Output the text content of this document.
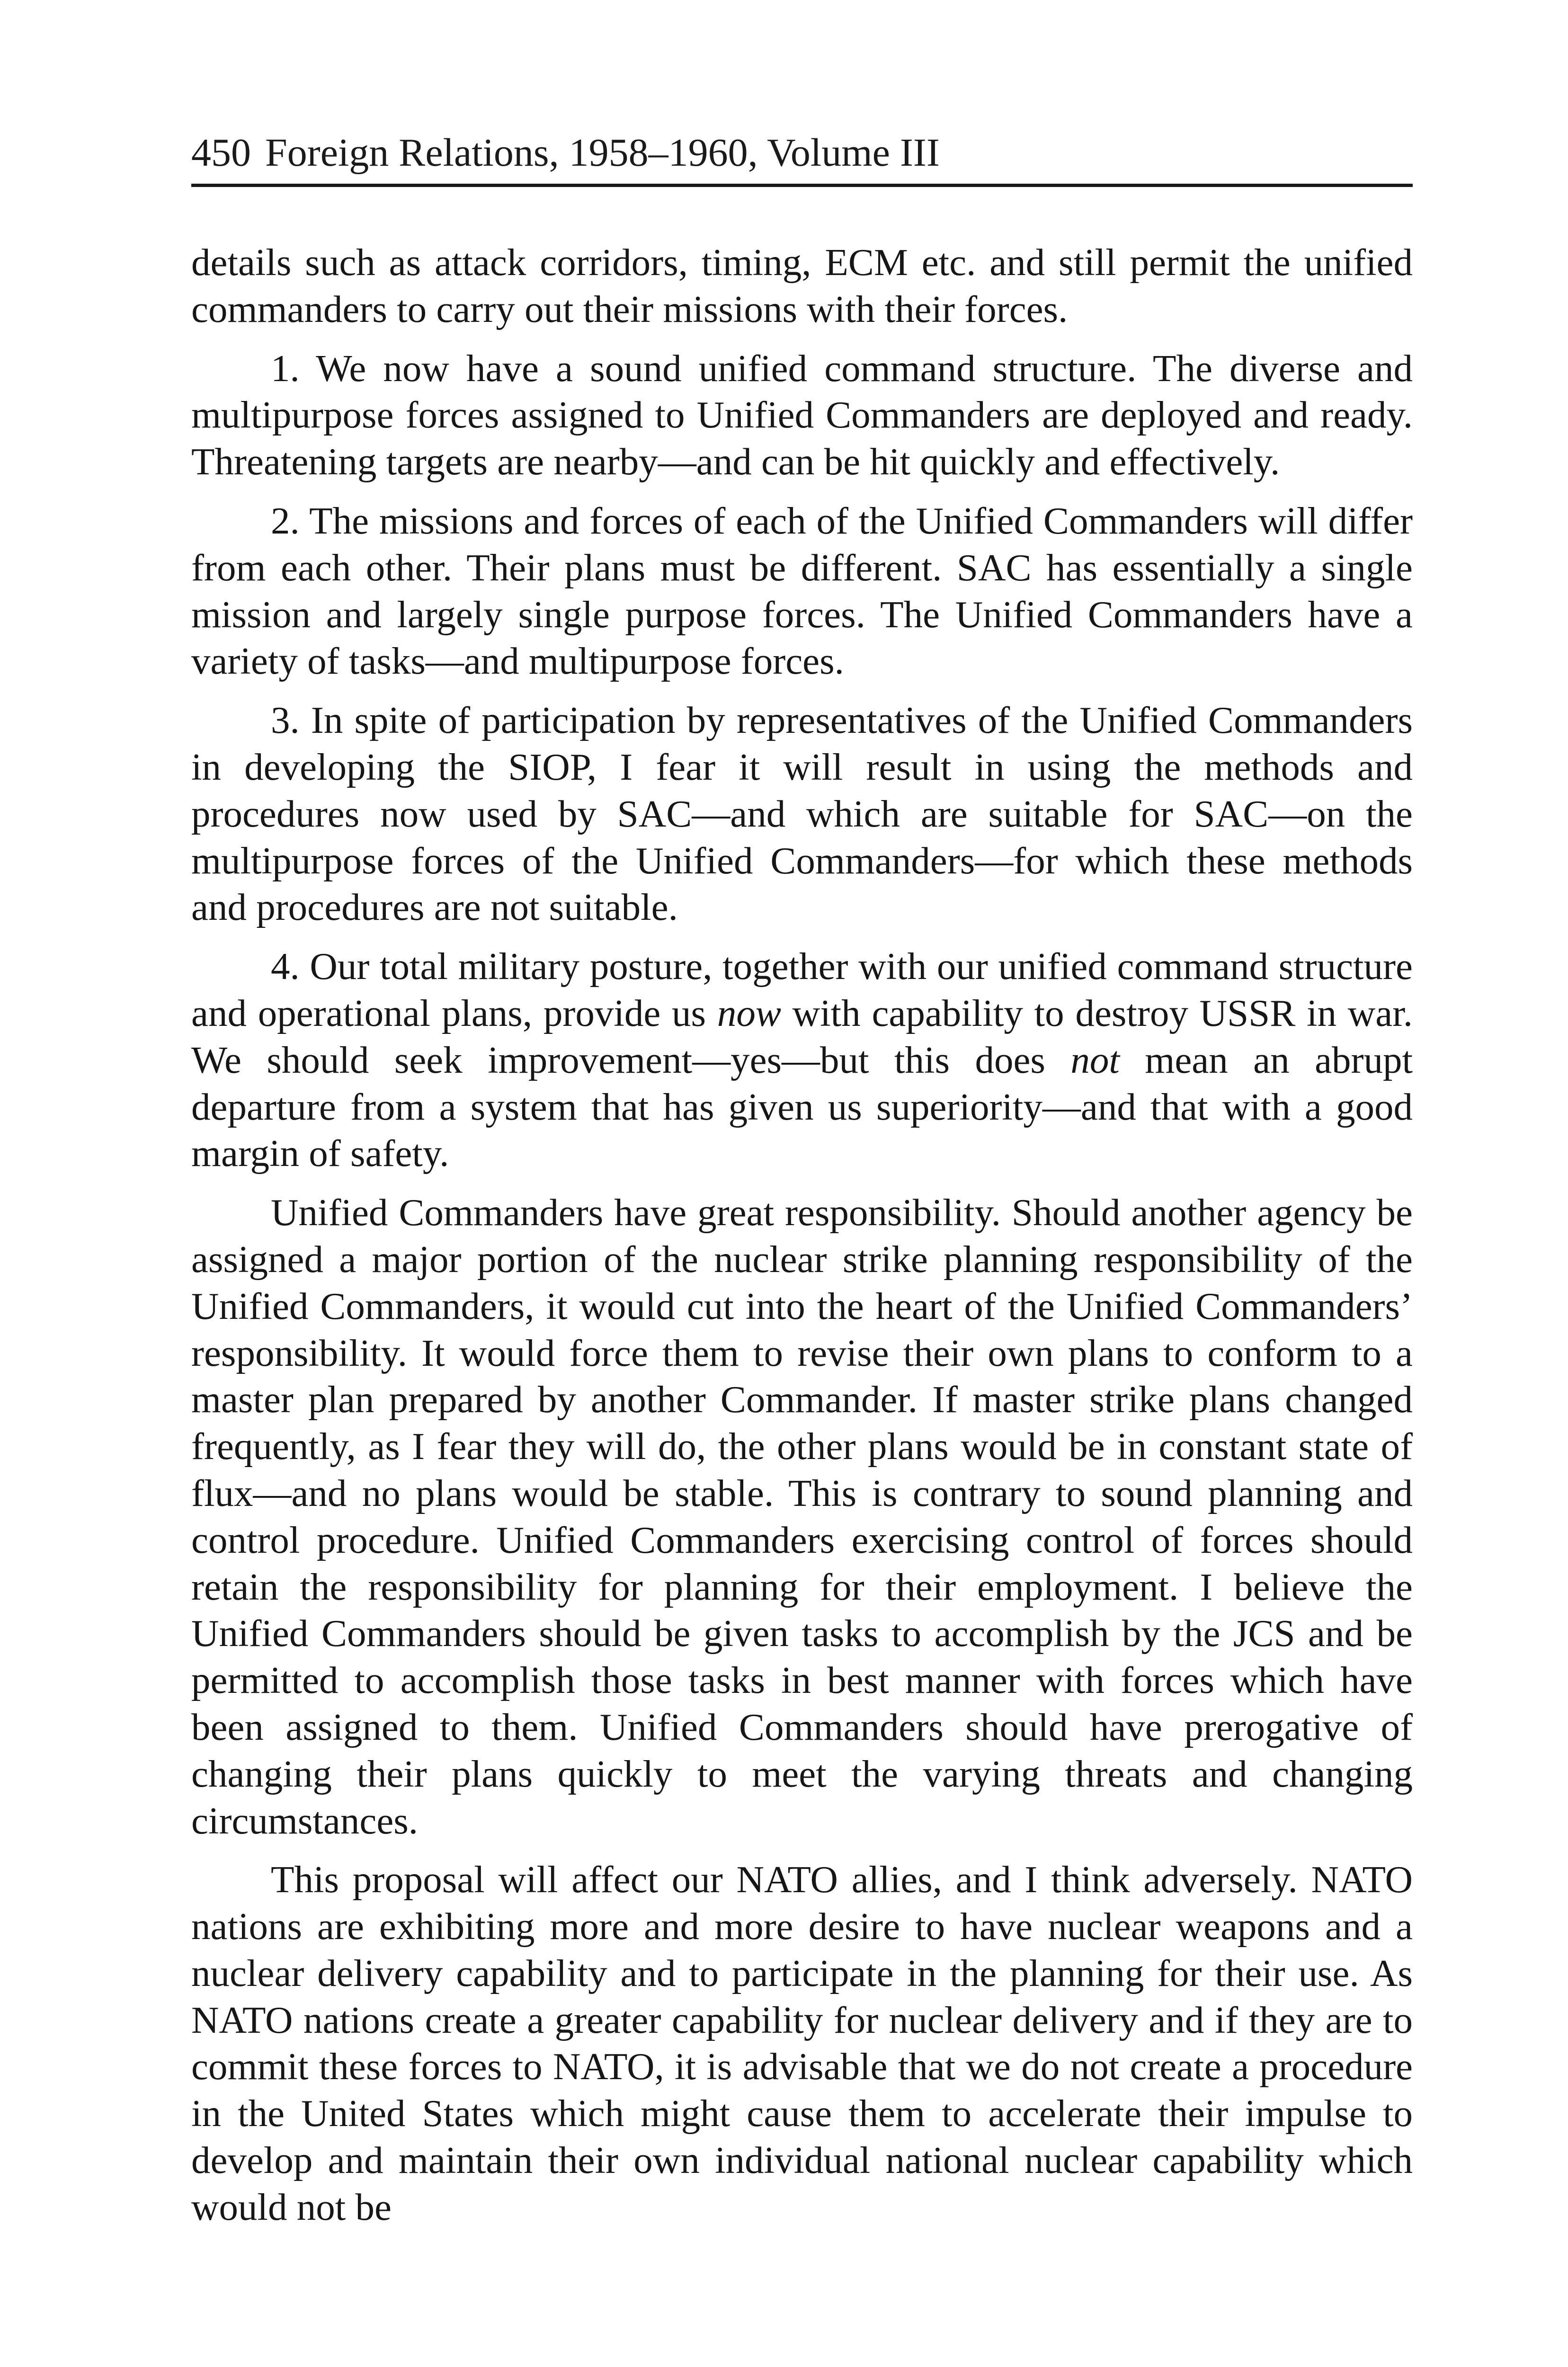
450 Foreign Relations, 1958–1960, Volume III

details such as attack corridors, timing, ECM etc. and still permit the unified commanders to carry out their missions with their forces.

1. We now have a sound unified command structure. The diverse and multipurpose forces assigned to Unified Commanders are deployed and ready. Threatening targets are nearby—and can be hit quickly and effectively.

2. The missions and forces of each of the Unified Commanders will differ from each other. Their plans must be different. SAC has essentially a single mission and largely single purpose forces. The Unified Commanders have a variety of tasks—and multipurpose forces.

3. In spite of participation by representatives of the Unified Commanders in developing the SIOP, I fear it will result in using the methods and procedures now used by SAC—and which are suitable for SAC—on the multipurpose forces of the Unified Commanders—for which these methods and procedures are not suitable.

4. Our total military posture, together with our unified command structure and operational plans, provide us now with capability to destroy USSR in war. We should seek improvement—yes—but this does not mean an abrupt departure from a system that has given us superiority—and that with a good margin of safety.

Unified Commanders have great responsibility. Should another agency be assigned a major portion of the nuclear strike planning responsibility of the Unified Commanders, it would cut into the heart of the Unified Commanders’ responsibility. It would force them to revise their own plans to conform to a master plan prepared by another Commander. If master strike plans changed frequently, as I fear they will do, the other plans would be in constant state of flux—and no plans would be stable. This is contrary to sound planning and control procedure. Unified Commanders exercising control of forces should retain the responsibility for planning for their employment. I believe the Unified Commanders should be given tasks to accomplish by the JCS and be permitted to accomplish those tasks in best manner with forces which have been assigned to them. Unified Commanders should have prerogative of changing their plans quickly to meet the varying threats and changing circumstances.

This proposal will affect our NATO allies, and I think adversely. NATO nations are exhibiting more and more desire to have nuclear weapons and a nuclear delivery capability and to participate in the planning for their use. As NATO nations create a greater capability for nuclear delivery and if they are to commit these forces to NATO, it is advisable that we do not create a procedure in the United States which might cause them to accelerate their impulse to develop and maintain their own individual national nuclear capability which would not be
